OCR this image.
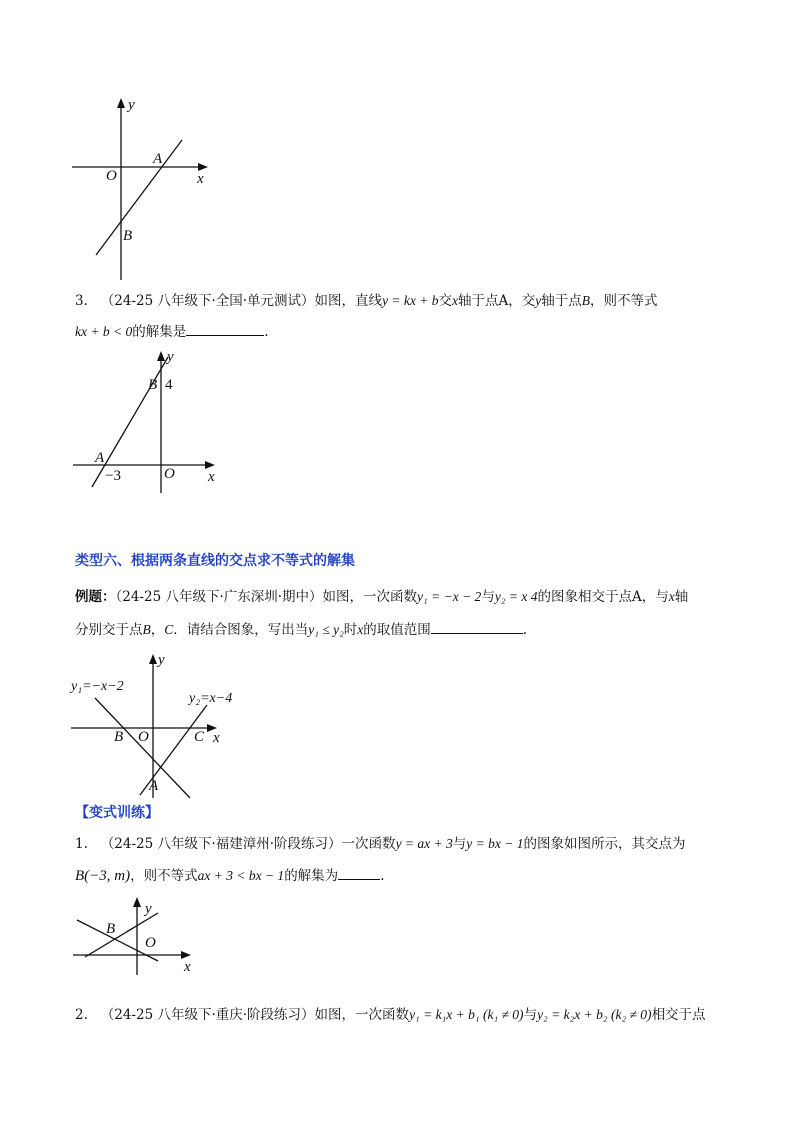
y
x
O
A
B
3. （24-25 八年级下·全国·单元测试）如图，直线y = kx + b交x轴于点A，交y轴于点B，则不等式
kx + b < 0的解集是	.
y
B 4
A
−3	O x
类型六、根据两条直线的交点求不等式的解集
例题：（24-25 八年级下·广东深圳·期中）如图，一次函数y₁ = −x − 2与y₂ = x 4的图象相交于点A，与x轴
分别交于点B，C．请结合图象，写出当y₁ ≤ y₂时x的取值范围	.
y
y₁=−x−2
y₂=x−4
B O	C x
A
【变式训练】
1. （24-25 八年级下·福建漳州·阶段练习）一次函数y = ax + 3与y = bx − 1的图象如图所示，其交点为
B(−3, m)，则不等式ax + 3 < bx − 1的解集为	.
y
B
O
x
2. （24-25 八年级下·重庆·阶段练习）如图，一次函数y₁ = k₁x + b₁ (k₁ ≠ 0)与y₂ = k₂x + b₂ (k₂ ≠ 0)相交于点
